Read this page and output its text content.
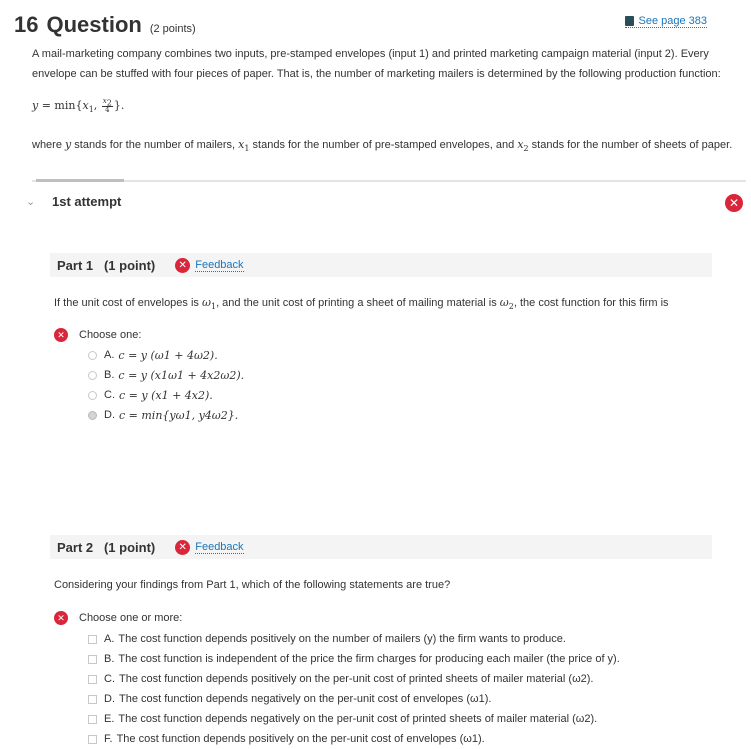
16 Question (2 points)
See page 383
A mail-marketing company combines two inputs, pre-stamped envelopes (input 1) and printed marketing campaign material (input 2). Every envelope can be stuffed with four pieces of paper. That is, the number of marketing mailers is determined by the following production function:
$y = \min\{x_1$, $\frac{x_2}{4}$ }.
where y stands for the number of mailers, $x_1$ stands for the number of pre-stamped envelopes, and $x_2$ stands for the number of sheets of paper.
⌄	1st attempt	✕
Part 1   (1 point)	✕ Feedback
If the unit cost of envelopes is $\omega_1$, and the unit cost of printing a sheet of mailing material is $\omega_2$, the cost function for this firm is
✕ Choose one:
A. c = y (ω1 + 4ω2).
B. c = y (x1ω1 + 4x2ω2).
C. c = y (x1 + 4x2).
D. c = min{yω1, y4ω2}.
Part 2   (1 point)	✕ Feedback
Considering your findings from Part 1, which of the following statements are true?
✕ Choose one or more:
A. The cost function depends positively on the number of mailers (y) the firm wants to produce.
B. The cost function is independent of the price the firm charges for producing each mailer (the price of y).
C. The cost function depends positively on the per-unit cost of printed sheets of mailer material (ω2).
D. The cost function depends negatively on the per-unit cost of envelopes (ω1).
E. The cost function depends negatively on the per-unit cost of printed sheets of mailer material (ω2).
F. The cost function depends positively on the per-unit cost of envelopes (ω1).
